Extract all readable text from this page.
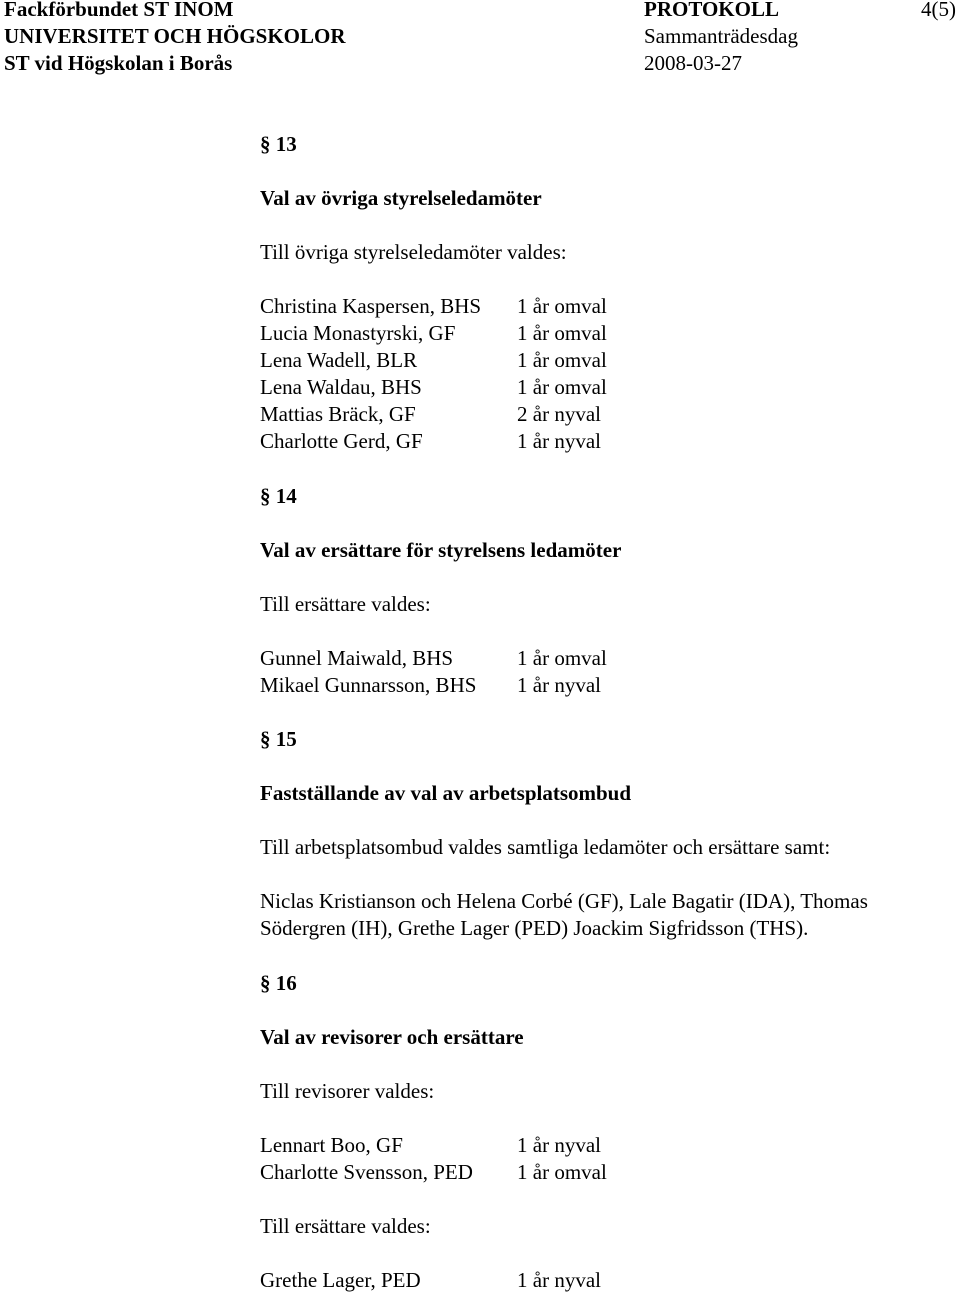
Fackförbundet ST INOM	PROTOKOLL	4(5)
UNIVERSITET OCH HÖGSKOLOR	Sammanträdesdag
ST vid Högskolan i Borås	2008-03-27
§ 13
Val av övriga styrelseledamöter
Till övriga styrelseledamöter valdes:
Christina Kaspersen, BHS	1 år omval
Lucia Monastyrski, GF	1 år omval
Lena Wadell, BLR	1 år omval
Lena Waldau, BHS	1 år omval
Mattias Bräck, GF	2 år nyval
Charlotte Gerd, GF	1 år nyval
§ 14
Val av ersättare för styrelsens ledamöter
Till ersättare valdes:
Gunnel Maiwald, BHS	1 år omval
Mikael Gunnarsson, BHS	1 år nyval
§ 15
Fastställande av val av arbetsplatsombud
Till arbetsplatsombud valdes samtliga ledamöter och ersättare samt:
Niclas Kristianson och Helena Corbé (GF), Lale Bagatir (IDA), Thomas
Södergren (IH), Grethe Lager (PED) Joackim Sigfridsson (THS).
§ 16
Val av revisorer och ersättare
Till revisorer valdes:
Lennart Boo, GF	1 år nyval
Charlotte Svensson, PED	1 år omval
Till ersättare valdes:
Grethe Lager, PED	1 år nyval
